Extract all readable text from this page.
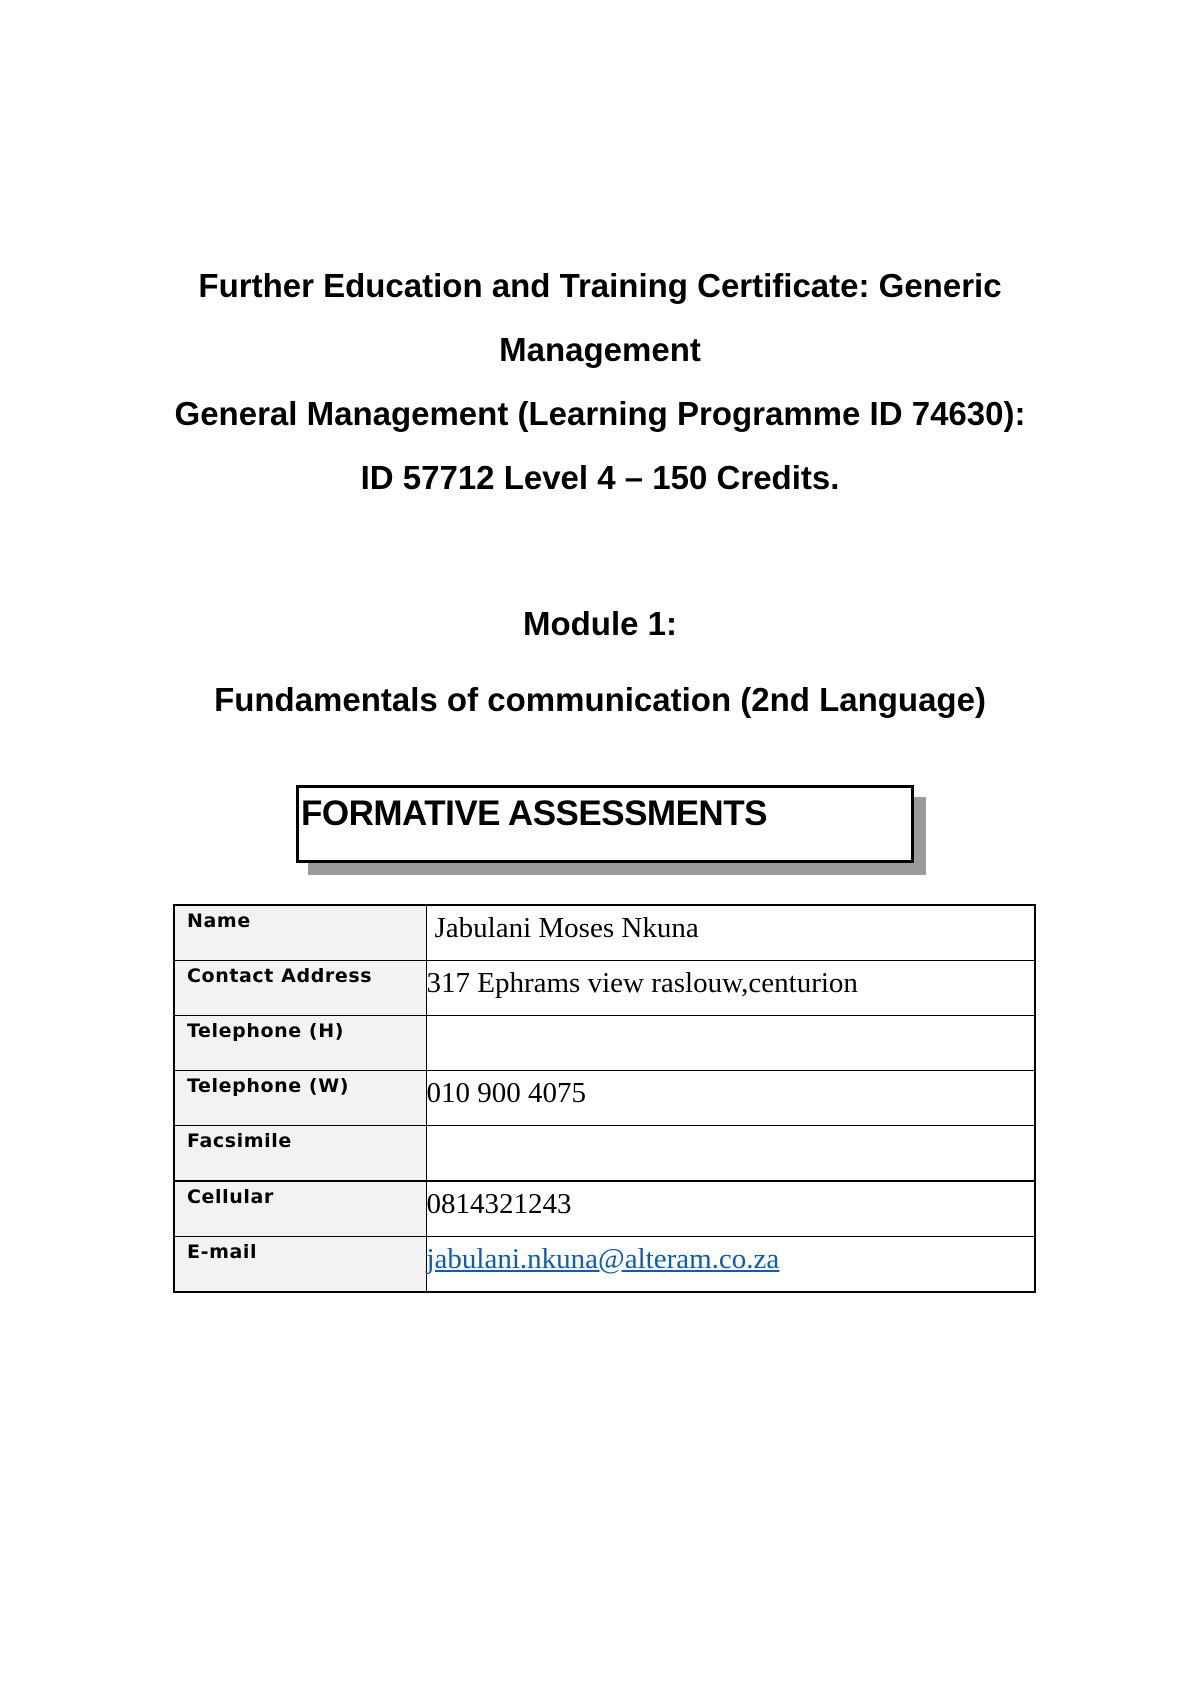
Further Education and Training Certificate: Generic
Management
General Management (Learning Programme ID 74630):
ID 57712 Level 4 – 150 Credits.
Module 1:
Fundamentals of communication (2nd Language)
FORMATIVE ASSESSMENTS
Name	Jabulani Moses Nkuna
Contact Address	317 Ephrams view raslouw,centurion
Telephone (H)	
Telephone (W)	010 900 4075
Facsimile	
Cellular	0814321243
E-mail	jabulani.nkuna@alteram.co.za
